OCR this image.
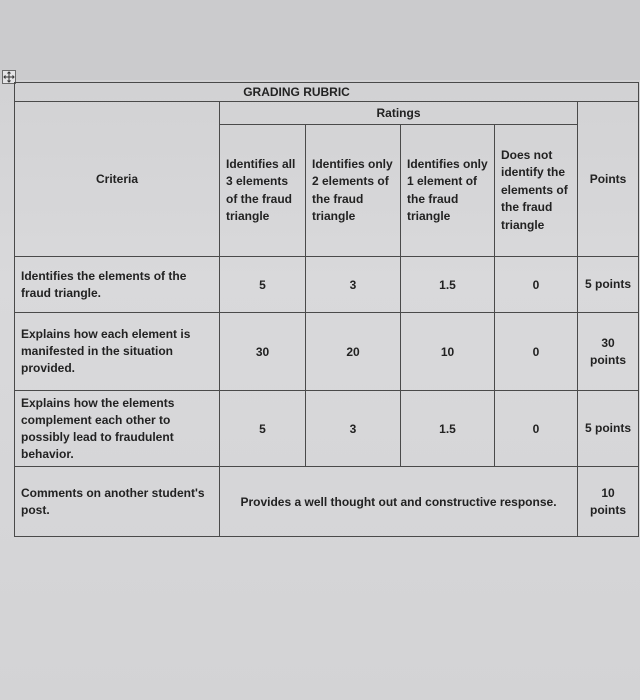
GRADING RUBRIC					
Criteria	Ratings				Points
	Identifies all 3 elements of the fraud triangle	Identifies only 2 elements of the fraud triangle	Identifies only 1 element of the fraud triangle	Does not identify the elements of the fraud triangle	
Identifies the elements of the fraud triangle.	5	3	1.5	0	5 points
Explains how each element is manifested in the situation provided.	30	20	10	0	30 points
Explains how the elements complement each other to possibly lead to fraudulent behavior.	5	3	1.5	0	5 points
Comments on another student's post.	Provides a well thought out and constructive response.				10 points
